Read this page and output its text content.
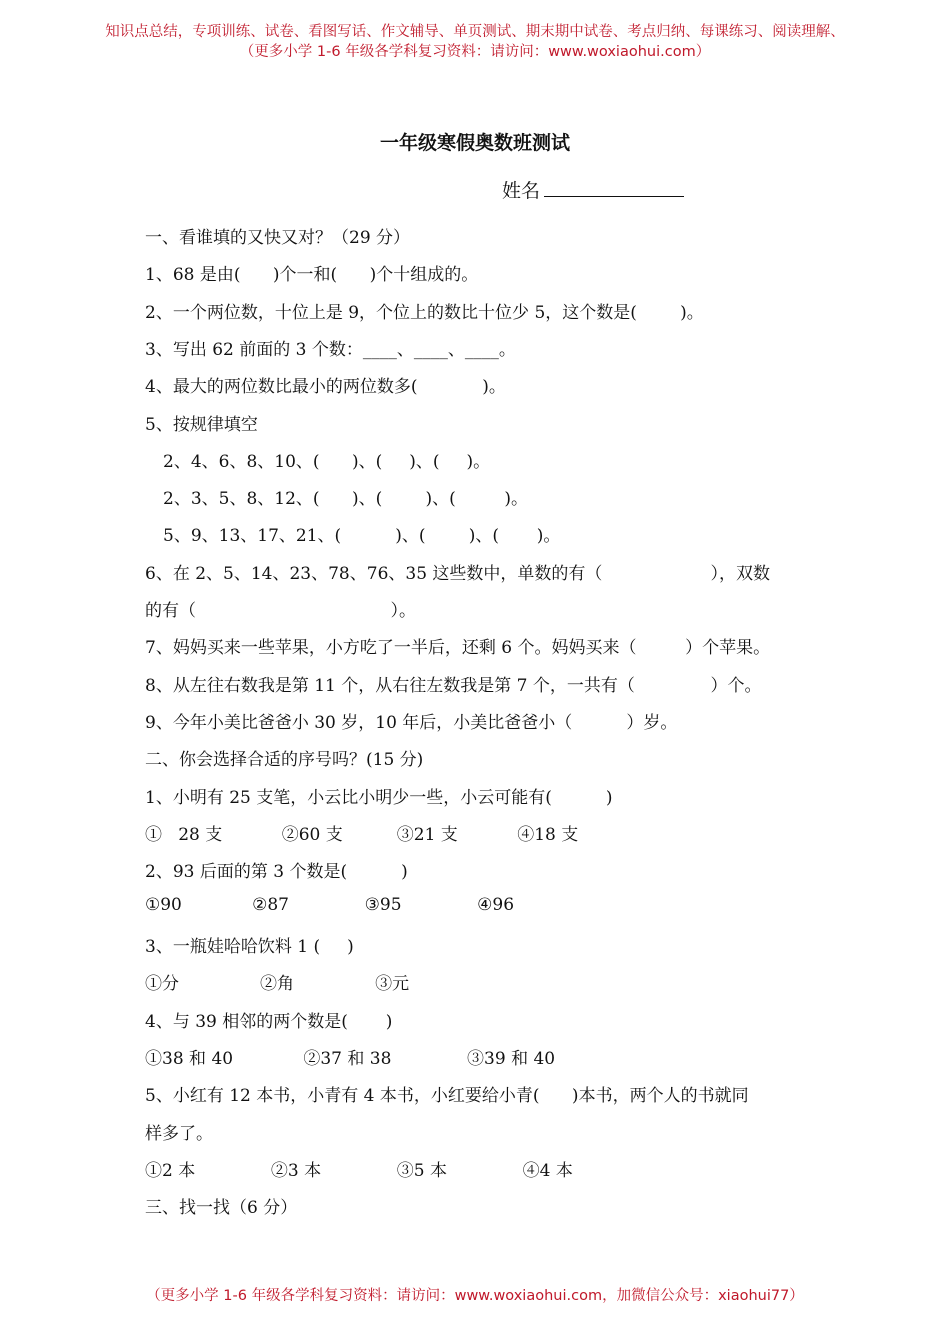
知识点总结，专项训练、试卷、看图写话、作文辅导、单页测试、期末期中试卷、考点归纳、每课练习、阅读理解、
（更多小学 1-6 年级各学科复习资料：请访问：www.woxiaohui.com）
一年级寒假奥数班测试
姓名
一、看谁填的又快又对？（29 分）
1、68 是由(      )个一和(      )个十组成的。
2、一个两位数，十位上是 9，个位上的数比十位少 5，这个数是(        )。
3、写出 62 前面的 3 个数：____、____、____。
4、最大的两位数比最小的两位数多(            )。
5、按规律填空
2、4、6、8、10、(      )、(     )、(     )。
2、3、5、8、12、(      )、(        )、(         )。
5、9、13、17、21、(          )、(        )、(       )。
6、在 2、5、14、23、78、76、35 这些数中，单数的有（                    ），双数
的有（                                    ）。
7、妈妈买来一些苹果，小方吃了一半后，还剩 6 个。妈妈买来（         ）个苹果。
8、从左往右数我是第 11 个，从右往左数我是第 7 个，一共有（              ）个。
9、今年小美比爸爸小 30 岁，10 年后，小美比爸爸小（          ）岁。
二、你会选择合适的序号吗？(15 分)
1、小明有 25 支笔，小云比小明少一些，小云可能有(          )
①   28 支           ②60 支          ③21 支           ④18 支
2、93 后面的第 3 个数是(          )
①90             ②87              ③95              ④96
3、一瓶娃哈哈饮料 1 (     )
①分               ②角               ③元
4、与 39 相邻的两个数是(       )
①38 和 40             ②37 和 38              ③39 和 40
5、小红有 12 本书，小青有 4 本书，小红要给小青(      )本书，两个人的书就同
样多了。
①2 本              ②3 本              ③5 本              ④4 本
三、找一找（6 分）
（更多小学 1-6 年级各学科复习资料：请访问：www.woxiaohui.com，加微信公众号：xiaohui77）
